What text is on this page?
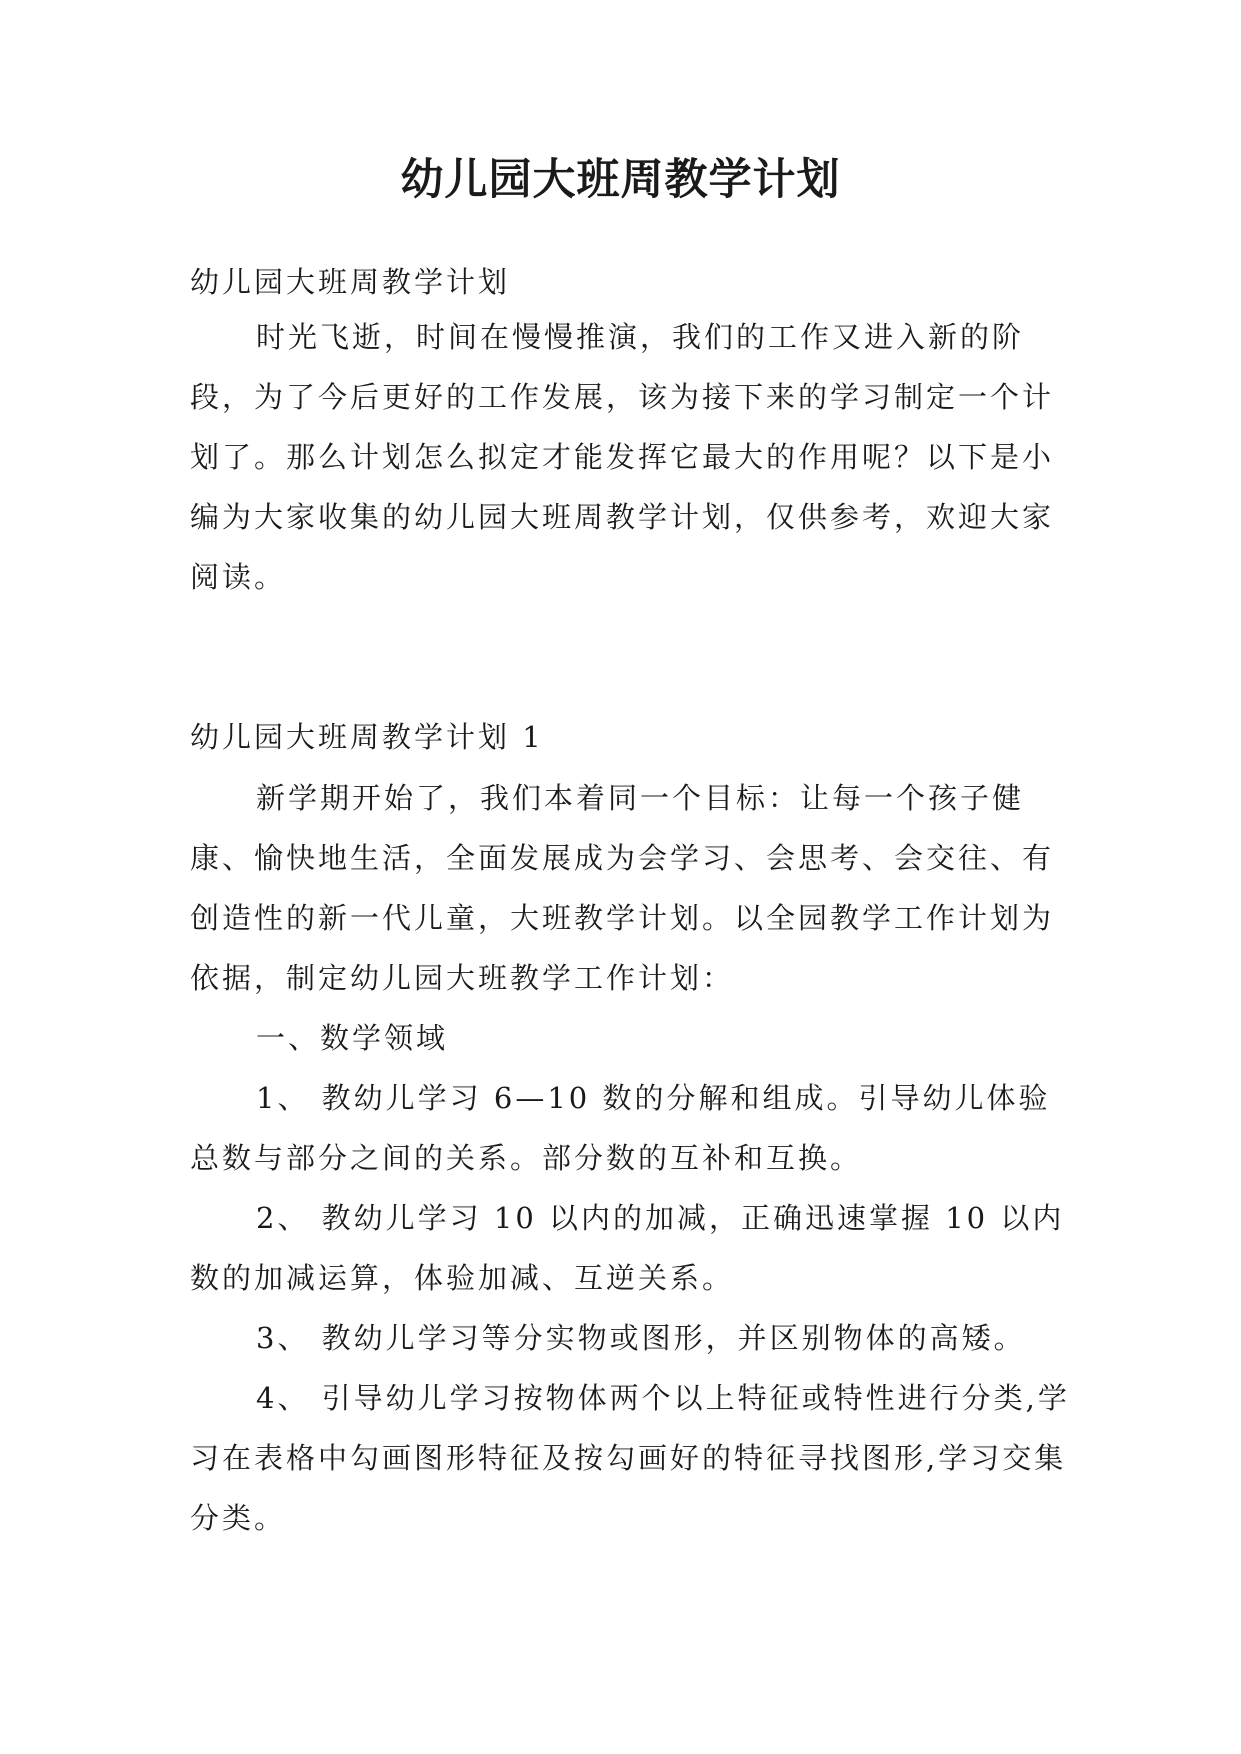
幼儿园大班周教学计划

幼儿园大班周教学计划

时光飞逝，时间在慢慢推演，我们的工作又进入新的阶段，为了今后更好的工作发展，该为接下来的学习制定一个计划了。那么计划怎么拟定才能发挥它最大的作用呢？以下是小编为大家收集的幼儿园大班周教学计划，仅供参考，欢迎大家阅读。

幼儿园大班周教学计划 1

新学期开始了，我们本着同一个目标：让每一个孩子健康、愉快地生活，全面发展成为会学习、会思考、会交往、有创造性的新一代儿童，大班教学计划。以全园教学工作计划为依据，制定幼儿园大班教学工作计划：

一、数学领域

1、 教幼儿学习 6—10 数的分解和组成。引导幼儿体验总数与部分之间的关系。部分数的互补和互换。

2、 教幼儿学习 10 以内的加减，正确迅速掌握 10 以内数的加减运算，体验加减、互逆关系。

3、 教幼儿学习等分实物或图形，并区别物体的高矮。

4、 引导幼儿学习按物体两个以上特征或特性进行分类,学习在表格中勾画图形特征及按勾画好的特征寻找图形,学习交集分类。
